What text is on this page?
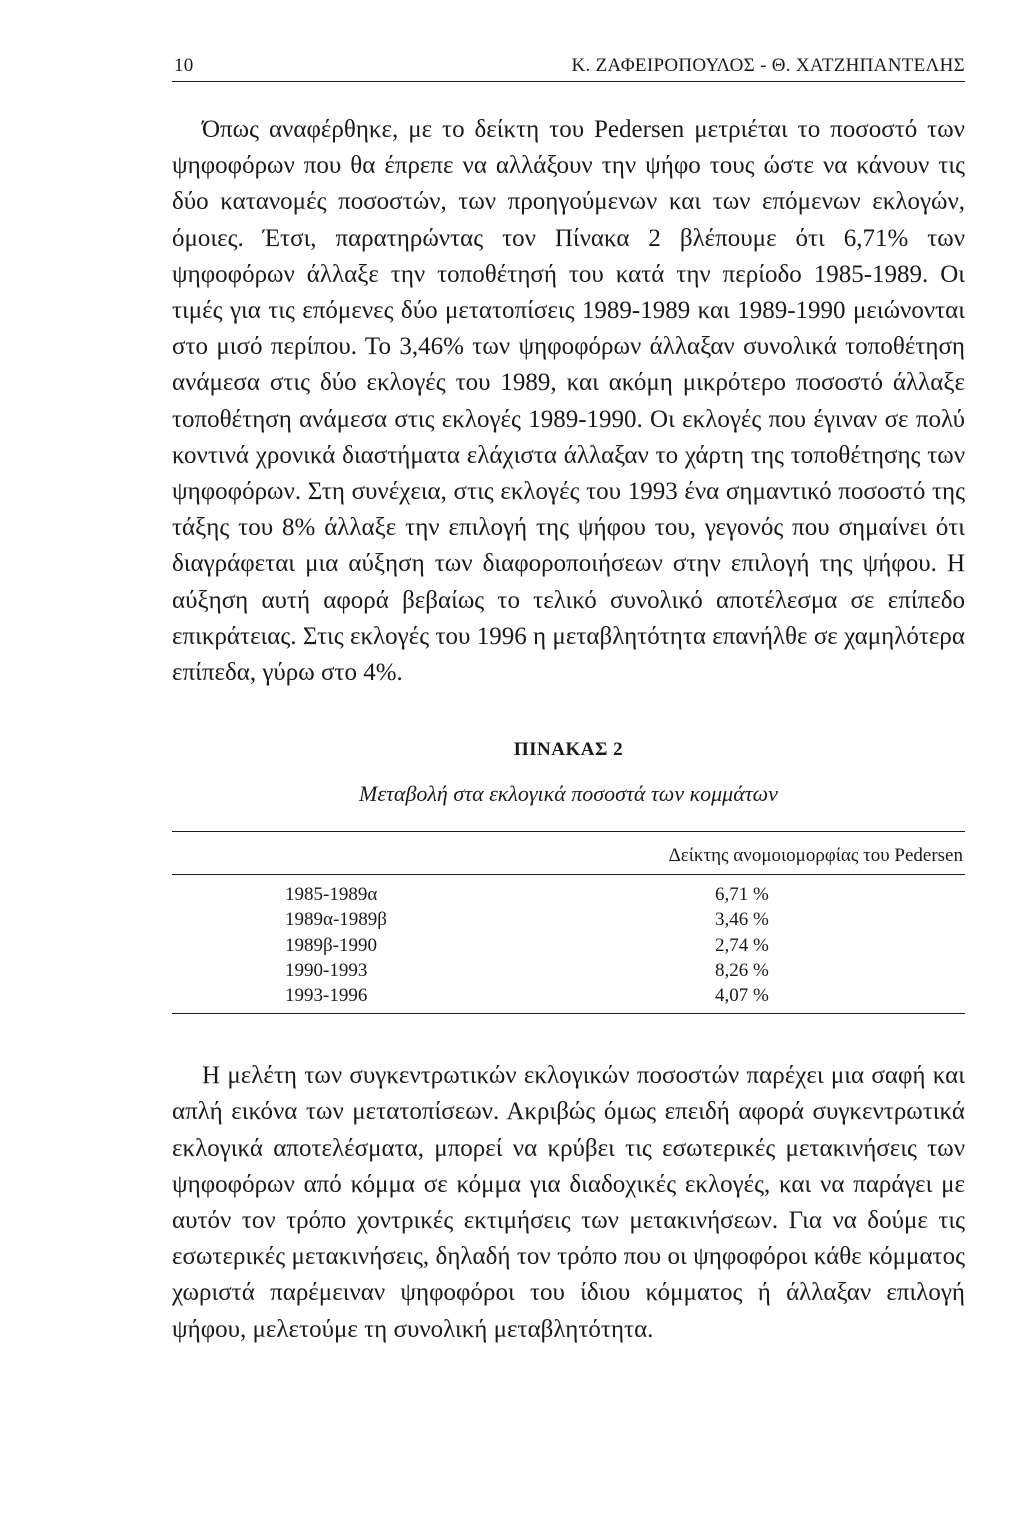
10	Κ. ΖΑΦΕΙΡΟΠΟΥΛΟΣ - Θ. ΧΑΤΖΗΠΑΝΤΕΛΗΣ

Όπως αναφέρθηκε, με το δείκτη του Pedersen μετριέται το ποσοστό των ψηφοφόρων που θα έπρεπε να αλλάξουν την ψήφο τους ώστε να κάνουν τις δύο κατανομές ποσοστών, των προηγούμενων και των επόμενων εκλογών, όμοιες. Έτσι, παρατηρώντας τον Πίνακα 2 βλέπουμε ότι 6,71% των ψηφοφόρων άλλαξε την τοποθέτησή του κατά την περίοδο 1985-1989. Οι τιμές για τις επόμενες δύο μετατοπίσεις 1989-1989 και 1989-1990 μειώνονται στο μισό περίπου. Το 3,46% των ψηφοφόρων άλλαξαν συνολικά τοποθέτηση ανάμεσα στις δύο εκλογές του 1989, και ακόμη μικρότερο ποσοστό άλλαξε τοποθέτηση ανάμεσα στις εκλογές 1989-1990. Οι εκλογές που έγιναν σε πολύ κοντινά χρονικά διαστήματα ελάχιστα άλλαξαν το χάρτη της τοποθέτησης των ψηφοφόρων. Στη συνέχεια, στις εκλογές του 1993 ένα σημαντικό ποσοστό της τάξης του 8% άλλαξε την επιλογή της ψήφου του, γεγονός που σημαίνει ότι διαγράφεται μια αύξηση των διαφοροποιήσεων στην επιλογή της ψήφου. Η αύξηση αυτή αφορά βεβαίως το τελικό συνολικό αποτέλεσμα σε επίπεδο επικράτειας. Στις εκλογές του 1996 η μεταβλητότητα επανήλθε σε χαμηλότερα επίπεδα, γύρω στο 4%.

ΠΙΝΑΚΑΣ 2
Μεταβολή στα εκλογικά ποσοστά των κομμάτων
	Δείκτης ανομοιομορφίας του Pedersen
1985-1989α	6,71 %
1989α-1989β	3,46 %
1989β-1990	2,74 %
1990-1993	8,26 %
1993-1996	4,07 %

Η μελέτη των συγκεντρωτικών εκλογικών ποσοστών παρέχει μια σαφή και απλή εικόνα των μετατοπίσεων. Ακριβώς όμως επειδή αφορά συγκεντρωτικά εκλογικά αποτελέσματα, μπορεί να κρύβει τις εσωτερικές μετακινήσεις των ψηφοφόρων από κόμμα σε κόμμα για διαδοχικές εκλογές, και να παράγει με αυτόν τον τρόπο χοντρικές εκτιμήσεις των μετακινήσεων. Για να δούμε τις εσωτερικές μετακινήσεις, δηλαδή τον τρόπο που οι ψηφοφόροι κάθε κόμματος χωριστά παρέμειναν ψηφοφόροι του ίδιου κόμματος ή άλλαξαν επιλογή ψήφου, μελετούμε τη συνολική μεταβλητότητα.
